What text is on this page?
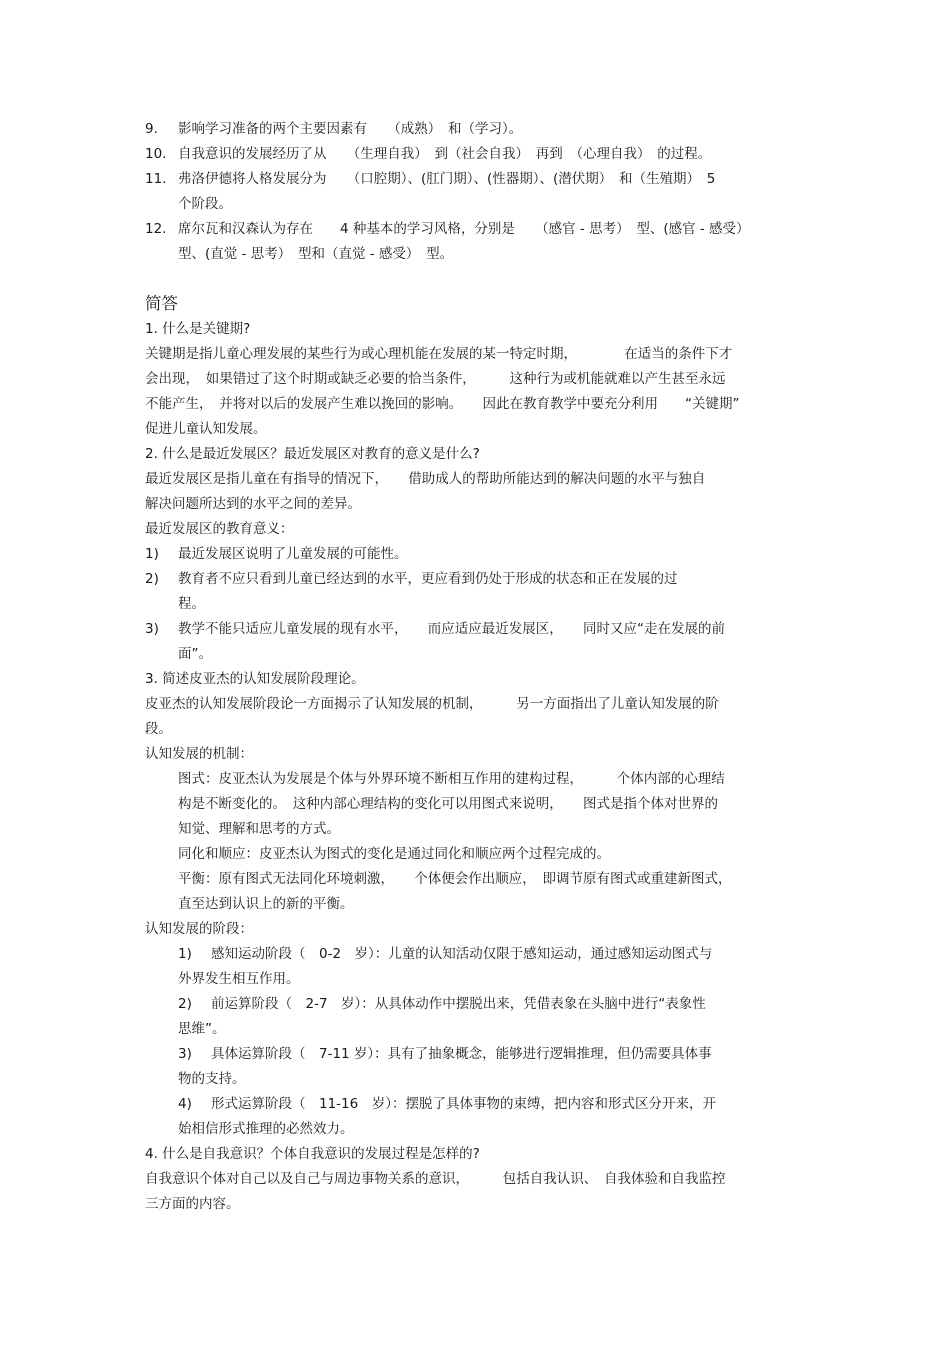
9. 影响学习准备的两个主要因素有　　（成熟）　和（学习）。

10. 自我意识的发展经历了从　　（生理自我）　到（社会自我）　再到　（心理自我）　的过程。

11. 弗洛伊德将人格发展分为　　（口腔期）、(肛门期）、(性器期）、(潜伏期）　和（生殖期）　5

个阶段。

12. 席尔瓦和汉森认为存在　　4 种基本的学习风格，分别是　　（感官 - 思考）　型、(感官 - 感受）

型、(直觉 - 思考）　型和（直觉 - 感受）　型。

简答

1. 什么是关键期?

关键期是指儿童心理发展的某些行为或心理机能在发展的某一特定时期，　　　　在适当的条件下才

会出现，　如果错过了这个时期或缺乏必要的恰当条件，　　　这种行为或机能就难以产生甚至永远

不能产生，　并将对以后的发展产生难以挽回的影响。　　因此在教育教学中要充分利用　　“关键期”

促进儿童认知发展。

2. 什么是最近发展区？最近发展区对教育的意义是什么?

最近发展区是指儿童在有指导的情况下，　　借助成人的帮助所能达到的解决问题的水平与独自

解决问题所达到的水平之间的差异。

最近发展区的教育意义：

1) 最近发展区说明了儿童发展的可能性。

2) 教育者不应只看到儿童已经达到的水平，更应看到仍处于形成的状态和正在发展的过

程。

3) 教学不能只适应儿童发展的现有水平，　　而应适应最近发展区，　　同时又应“走在发展的前

面”。

3. 简述皮亚杰的认知发展阶段理论。

皮亚杰的认知发展阶段论一方面揭示了认知发展的机制，　　　另一方面指出了儿童认知发展的阶

段。

认知发展的机制：

图式：皮亚杰认为发展是个体与外界环境不断相互作用的建构过程，　　　个体内部的心理结

构是不断变化的。　这种内部心理结构的变化可以用图式来说明，　　图式是指个体对世界的

知觉、理解和思考的方式。

同化和顺应：皮亚杰认为图式的变化是通过同化和顺应两个过程完成的。

平衡：原有图式无法同化环境刺激，　　个体便会作出顺应，　即调节原有图式或重建新图式，

直至达到认识上的新的平衡。

认知发展的阶段：

1) 感知运动阶段（　0-2　岁）：儿童的认知活动仅限于感知运动，通过感知运动图式与

外界发生相互作用。

2) 前运算阶段（　2-7　岁）：从具体动作中摆脱出来，凭借表象在头脑中进行“表象性

思维”。

3) 具体运算阶段（　7-11 岁）：具有了抽象概念，能够进行逻辑推理，但仍需要具体事

物的支持。

4) 形式运算阶段（　11-16　岁）：摆脱了具体事物的束缚，把内容和形式区分开来，开

始相信形式推理的必然效力。

4. 什么是自我意识？个体自我意识的发展过程是怎样的?

自我意识个体对自己以及自己与周边事物关系的意识，　　　包括自我认识、　自我体验和自我监控

三方面的内容。
